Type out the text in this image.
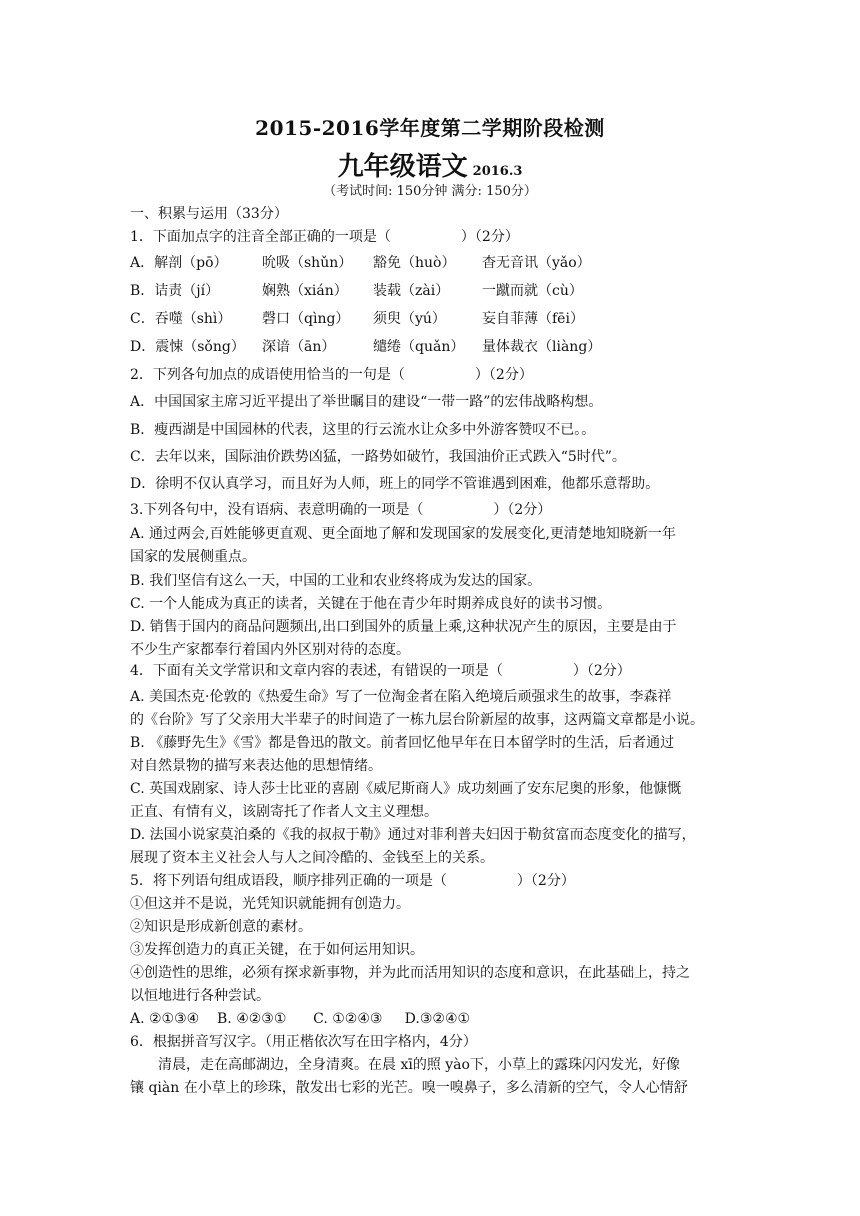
2015-2016学年度第二学期阶段检测
九年级语文 2016.3
（考试时间: 150分钟 满分: 150分）
一、积累与运用（33分）
1．下面加点字的注音全部正确的一项是（　　　　　）（2分）
A．解剖（pō） 吮吸（shǔn） 豁免（huò） 杳无音讯（yǎo）
B．诘责（jí）	娴熟（xián） 装载（zài） 一蹴而就（cù）
C．吞噬（shì） 磬口（qìng） 须臾（yú）	妄自菲薄（fēi）
D．震悚（sǒng） 深谙（ān）	缱绻（quǎn） 量体裁衣（liàng）
2．下列各句加点的成语使用恰当的一句是（　　　　　）（2分）
A．中国国家主席习近平提出了举世瞩目的建设“一带一路”的宏伟战略构想。
B．瘦西湖是中国园林的代表，这里的行云流水让众多中外游客赞叹不已。。
C．去年以来，国际油价跌势凶猛，一路势如破竹，我国油价正式跌入“5时代”。
D．徐明不仅认真学习，而且好为人师，班上的同学不管谁遇到困难，他都乐意帮助。
3.下列各句中，没有语病、表意明确的一项是（　　　　　）（2分）
A. 通过两会,百姓能够更直观、更全面地了解和发现国家的发展变化,更清楚地知晓新一年
国家的发展侧重点。
B. 我们坚信有这么一天，中国的工业和农业终将成为发达的国家。
C. 一个人能成为真正的读者，关键在于他在青少年时期养成良好的读书习惯。
D. 销售于国内的商品问题频出,出口到国外的质量上乘,这种状况产生的原因，主要是由于
不少生产家都奉行着国内外区别对待的态度。
4．下面有关文学常识和文章内容的表述，有错误的一项是（　　　　　）（2分）
A. 美国杰克·伦敦的《热爱生命》写了一位淘金者在陷入绝境后顽强求生的故事，李森祥
的《台阶》写了父亲用大半辈子的时间造了一栋九层台阶新屋的故事，这两篇文章都是小说。
B. 《藤野先生》《雪》都是鲁迅的散文。前者回忆他早年在日本留学时的生活，后者通过
对自然景物的描写来表达他的思想情绪。
C. 英国戏剧家、诗人莎士比亚的喜剧《威尼斯商人》成功刻画了安东尼奥的形象，他慷慨
正直、有情有义，该剧寄托了作者人文主义理想。
D. 法国小说家莫泊桑的《我的叔叔于勒》通过对菲利普夫妇因于勒贫富而态度变化的描写，
展现了资本主义社会人与人之间冷酷的、金钱至上的关系。
5．将下列语句组成语段，顺序排列正确的一项是（　　　　　）（2分）
①但这并不是说，光凭知识就能拥有创造力。
②知识是形成新创意的素材。
③发挥创造力的真正关键，在于如何运用知识。
④创造性的思维，必须有探求新事物，并为此而活用知识的态度和意识，在此基础上，持之
以恒地进行各种尝试。
A. ②①③④    B. ④②③①      C. ①②④③     D.③②④①
6．根据拼音写汉字。（用正楷依次写在田字格内，4分）
清晨，走在高邮湖边，全身清爽。在晨 xī的照 yào下，小草上的露珠闪闪发光，好像
镶 qiàn 在小草上的珍珠，散发出七彩的光芒。嗅一嗅鼻子，多么清新的空气，令人心情舒
